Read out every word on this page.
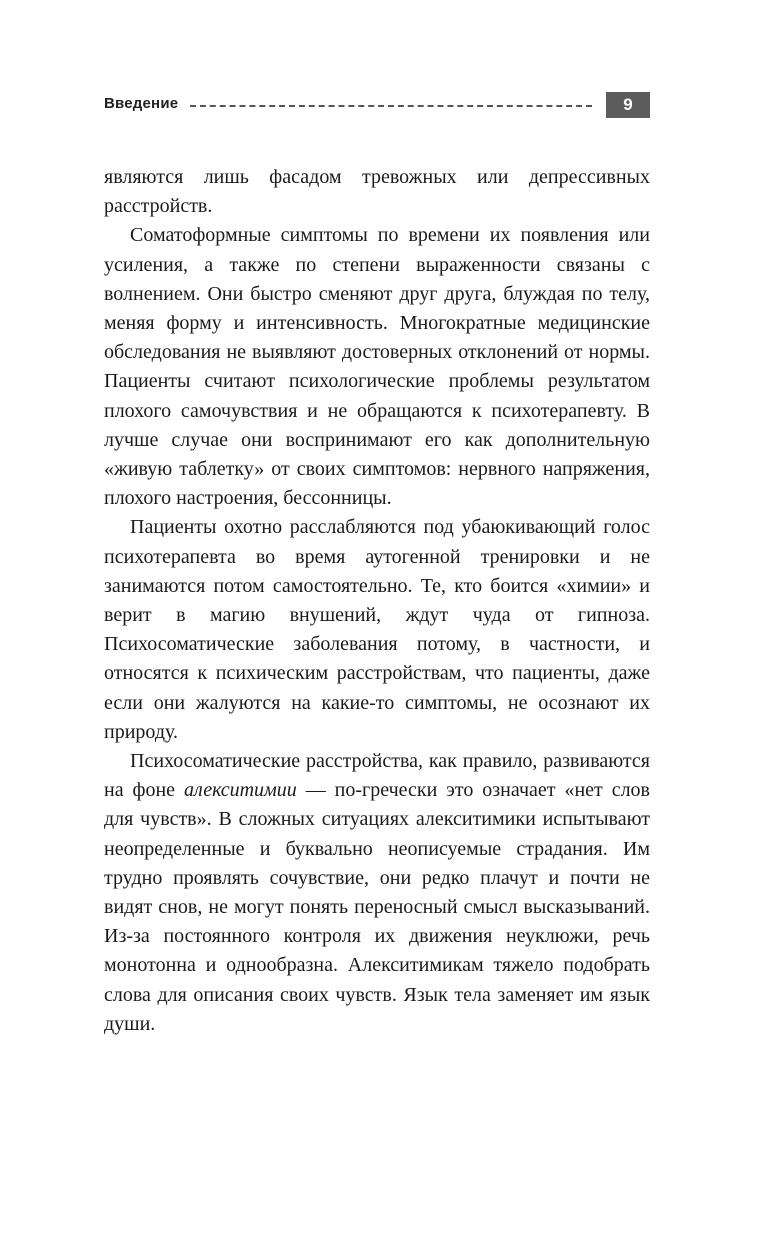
Введение	9

являются лишь фасадом тревожных или депрессивных расстройств.

Соматоформные симптомы по времени их появления или усиления, а также по степени выраженности связаны с волнением. Они быстро сменяют друг друга, блуждая по телу, меняя форму и интенсивность. Многократные медицинские обследования не выявляют достоверных отклонений от нормы. Пациенты считают психологические проблемы результатом плохого самочувствия и не обращаются к психотерапевту. В лучше случае они воспринимают его как дополнительную «живую таблетку» от своих симптомов: нервного напряжения, плохого настроения, бессонницы.

Пациенты охотно расслабляются под убаюкивающий голос психотерапевта во время аутогенной тренировки и не занимаются потом самостоятельно. Те, кто боится «химии» и верит в магию внушений, ждут чуда от гипноза. Психосоматические заболевания потому, в частности, и относятся к психическим расстройствам, что пациенты, даже если они жалуются на какие-то симптомы, не осознают их природу.

Психосоматические расстройства, как правило, развиваются на фоне алекситимии — по-гречески это означает «нет слов для чувств». В сложных ситуациях алекситимики испытывают неопределенные и буквально неописуемые страдания. Им трудно проявлять сочувствие, они редко плачут и почти не видят снов, не могут понять переносный смысл высказываний. Из-за постоянного контроля их движения неуклюжи, речь монотонна и однообразна. Алекситимикам тяжело подобрать слова для описания своих чувств. Язык тела заменяет им язык души.
